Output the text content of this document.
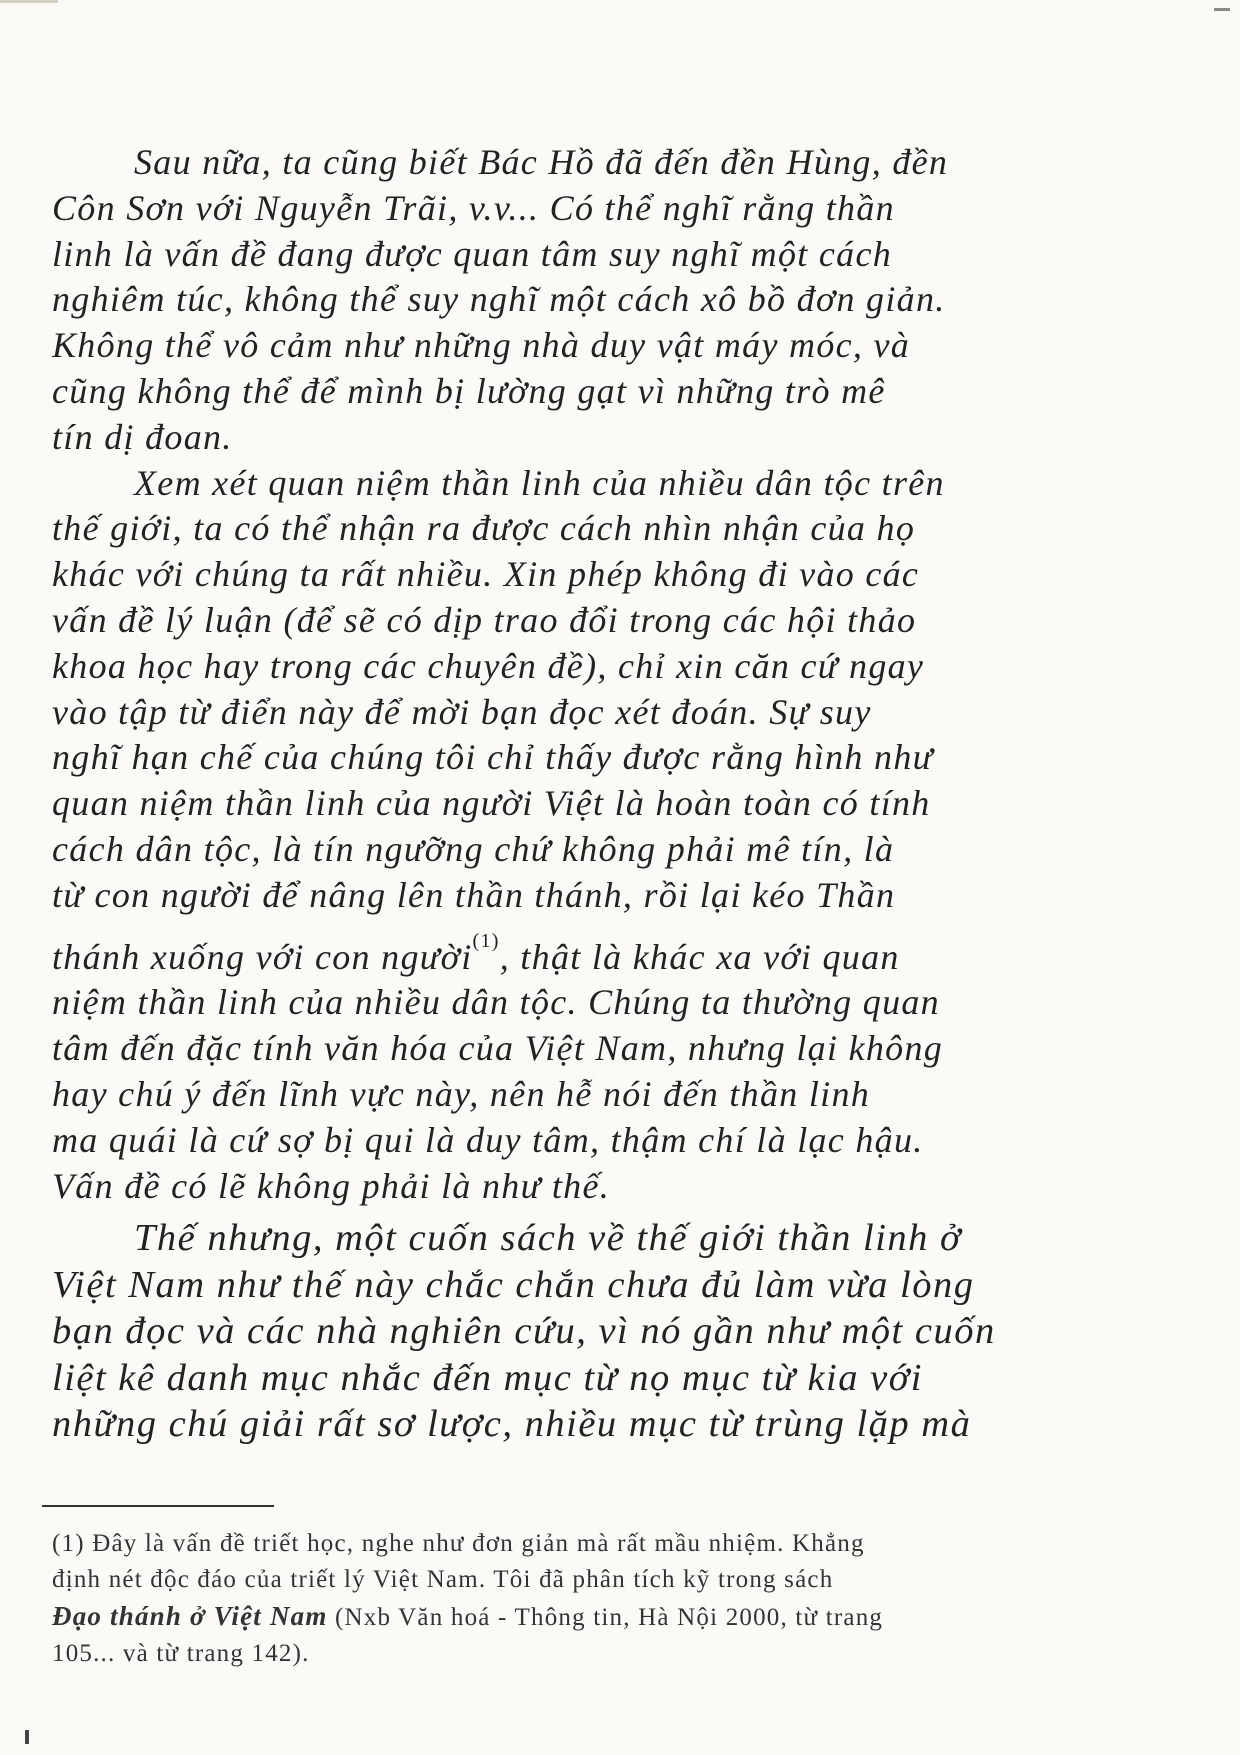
Sau nữa, ta cũng biết Bác Hồ đã đến đền Hùng, đền
Côn Sơn với Nguyễn Trãi, v.v... Có thể nghĩ rằng thần
linh là vấn đề đang được quan tâm suy nghĩ một cách
nghiêm túc, không thể suy nghĩ một cách xô bồ đơn giản.
Không thể vô cảm như những nhà duy vật máy móc, và
cũng không thể để mình bị lường gạt vì những trò mê
tín dị đoan.
Xem xét quan niệm thần linh của nhiều dân tộc trên
thế giới, ta có thể nhận ra được cách nhìn nhận của họ
khác với chúng ta rất nhiều. Xin phép không đi vào các
vấn đề lý luận (để sẽ có dịp trao đổi trong các hội thảo
khoa học hay trong các chuyên đề), chỉ xin căn cứ ngay
vào tập từ điển này để mời bạn đọc xét đoán. Sự suy
nghĩ hạn chế của chúng tôi chỉ thấy được rằng hình như
quan niệm thần linh của người Việt là hoàn toàn có tính
cách dân tộc, là tín ngưỡng chứ không phải mê tín, là
từ con người để nâng lên thần thánh, rồi lại kéo Thần
thánh xuống với con người$^{(1)}$, thật là khác xa với quan
niệm thần linh của nhiều dân tộc. Chúng ta thường quan
tâm đến đặc tính văn hóa của Việt Nam, nhưng lại không
hay chú ý đến lĩnh vực này, nên hễ nói đến thần linh
ma quái là cứ sợ bị qui là duy tâm, thậm chí là lạc hậu.
Vấn đề có lẽ không phải là như thế.
Thế nhưng, một cuốn sách về thế giới thần linh ở
Việt Nam như thế này chắc chắn chưa đủ làm vừa lòng
bạn đọc và các nhà nghiên cứu, vì nó gần như một cuốn
liệt kê danh mục nhắc đến mục từ nọ mục từ kia với
những chú giải rất sơ lược, nhiều mục từ trùng lặp mà
(1) Đây là vấn đề triết học, nghe như đơn giản mà rất mầu nhiệm. Khẳng
định nét độc đáo của triết lý Việt Nam. Tôi đã phân tích kỹ trong sách
Đạo thánh ở Việt Nam (Nxb Văn hoá - Thông tin, Hà Nội 2000, từ trang
105... và từ trang 142).
